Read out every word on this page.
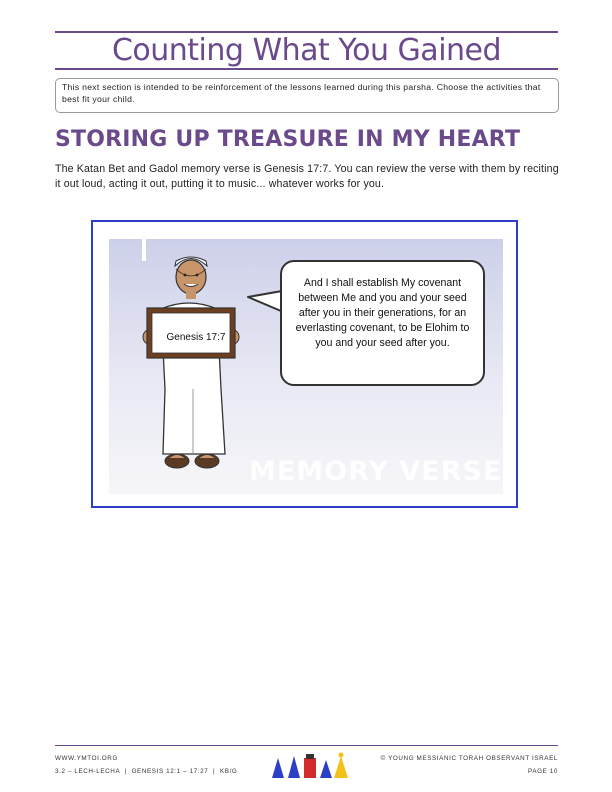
Counting What You Gained

This next section is intended to be reinforcement of the lessons learned during this parsha. Choose the activities that best fit your child.

STORING UP TREASURE IN MY HEART

The Katan Bet and Gadol memory verse is Genesis 17:7. You can review the verse with them by reciting it out loud, acting it out, putting it to music... whatever works for you.

Genesis 17:7

And I shall establish My covenant between Me and you and your seed after you in their generations, for an everlasting covenant, to be Elohim to you and your seed after you.

MEMORY VERSE
WWW.YMTOI.ORG
3.2 – LECH-LECHA  |  GENESIS 12:1 – 17:27  |  KB/G
© YOUNG MESSIANIC TORAH OBSERVANT ISRAEL
PAGE 10
